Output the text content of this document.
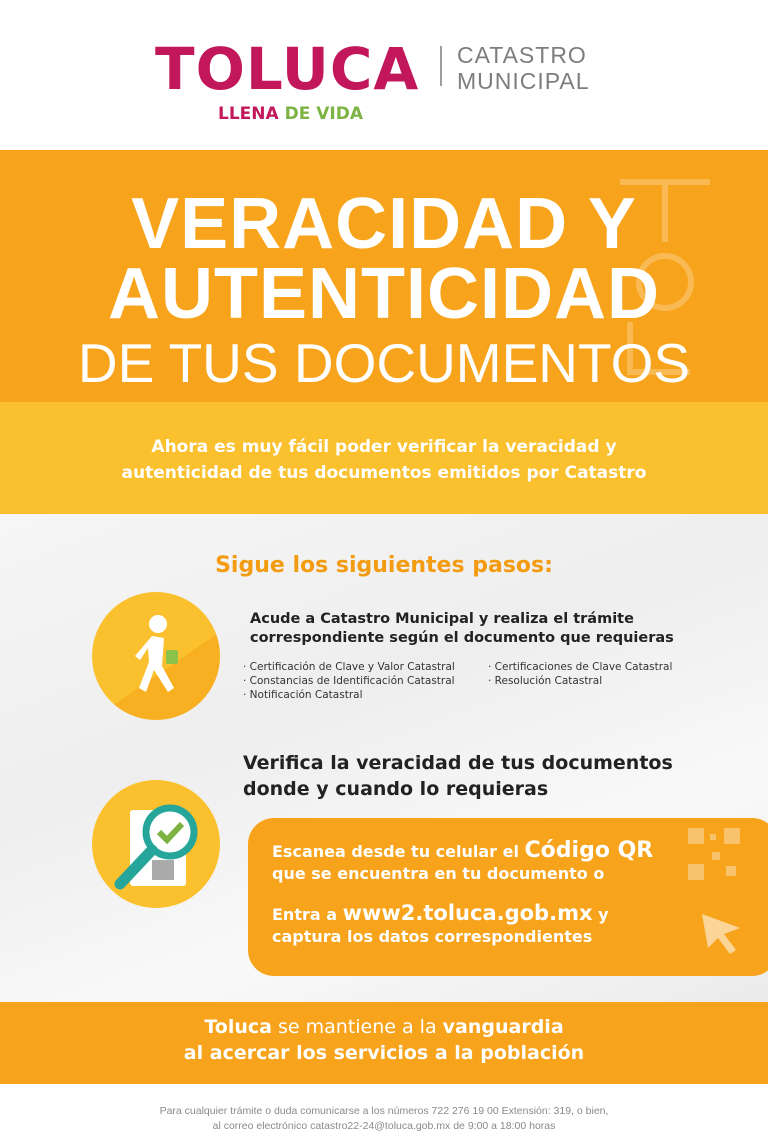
TOLUCA CATASTRO
MUNICIPAL
LLENA DE VIDA
VERACIDAD Y
AUTENTICIDAD
DE TUS DOCUMENTOS
Ahora es muy fácil poder verificar la veracidad y
autenticidad de tus documentos emitidos por Catastro
Sigue los siguientes pasos:
Acude a Catastro Municipal y realiza el trámite
correspondiente según el documento que requieras
· Certificación de Clave y Valor Catastral
· Constancias de Identificación Catastral
· Notificación Catastral
· Certificaciones de Clave Catastral
· Resolución Catastral
Verifica la veracidad de tus documentos
donde y cuando lo requieras
Escanea desde tu celular el Código QR
que se encuentra en tu documento o
Entra a www2.toluca.gob.mx y
captura los datos correspondientes
Toluca se mantiene a la vanguardia
al acercar los servicios a la población
Para cualquier trámite o duda comunicarse a los números 722 276 19 00 Extensión: 319, o bien,
al correo electrónico catastro22-24@toluca.gob.mx de 9:00 a 18:00 horas
